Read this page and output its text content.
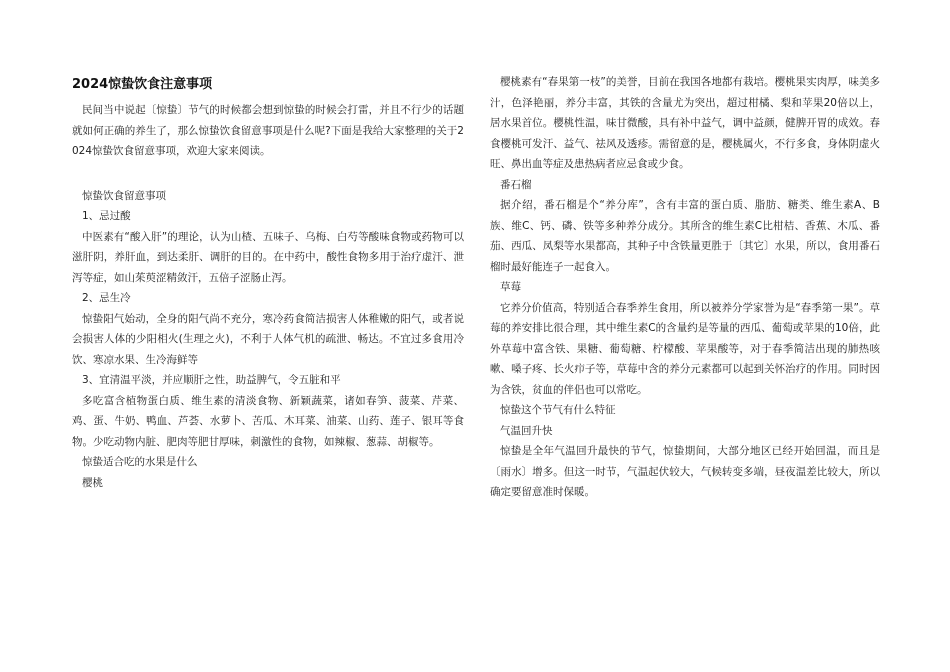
2024惊蛰饮食注意事项

民间当中说起〔惊蛰〕节气的时候都会想到惊蛰的时候会打雷，并且不行少的话题就如何正确的养生了，那么惊蛰饮食留意事项是什么呢?下面是我给大家整理的关于2024惊蛰饮食留意事项，欢迎大家来阅读。

惊蛰饮食留意事项

1、忌过酸

中医素有“酸入肝”的理论，认为山楂、五味子、乌梅、白芍等酸味食物或药物可以滋肝阴，养肝血，到达柔肝、调肝的目的。在中药中，酸性食物多用于治疗虚汗、泄泻等症，如山茱萸涩精敛汗，五倍子涩肠止泻。

2、忌生冷

惊蛰阳气始动，全身的阳气尚不充分，寒冷药食简洁损害人体稚嫩的阳气，或者说会损害人体的少阳相火(生理之火)，不利于人体气机的疏泄、畅达。不宜过多食用冷饮、寒凉水果、生冷海鲜等

3、宜清温平淡，并应顺肝之性，助益脾气，令五脏和平

多吃富含植物蛋白质、维生素的清淡食物、新颖蔬菜，诸如春笋、菠菜、芹菜、鸡、蛋、牛奶、鸭血、芦荟、水萝卜、苦瓜、木耳菜、油菜、山药、莲子、银耳等食物。少吃动物内脏、肥肉等肥甘厚味，刺激性的食物，如辣椒、葱蒜、胡椒等。

惊蛰适合吃的水果是什么

樱桃

樱桃素有“春果第一枝”的美誉，目前在我国各地都有栽培。樱桃果实肉厚，味美多汁，色泽艳丽，养分丰富，其铁的含量尤为突出，超过柑橘、梨和苹果20倍以上，居水果首位。樱桃性温，味甘微酸，具有补中益气，调中益颜，健脾开胃的成效。春食樱桃可发汗、益气、祛风及透疹。需留意的是，樱桃属火，不行多食，身体阴虚火旺、鼻出血等症及患热病者应忌食或少食。

番石榴

据介绍，番石榴是个“养分库”，含有丰富的蛋白质、脂肪、糖类、维生素A、B族、维C、钙、磷、铁等多种养分成分。其所含的维生素C比柑桔、香蕉、木瓜、番茄、西瓜、凤梨等水果都高，其种子中含铁量更胜于〔其它〕水果，所以，食用番石榴时最好能连子一起食入。

草莓

它养分价值高，特别适合春季养生食用，所以被养分学家誉为是“春季第一果”。草莓的养安排比很合理，其中维生素C的含量约是等量的西瓜、葡萄或苹果的10倍，此外草莓中富含铁、果糖、葡萄糖、柠檬酸、苹果酸等，对于春季简洁出现的肺热咳嗽、嗓子疼、长火疖子等，草莓中含的养分元素都可以起到关怀治疗的作用。同时因为含铁，贫血的伴侣也可以常吃。

惊蛰这个节气有什么特征

气温回升快

惊蛰是全年气温回升最快的节气，惊蛰期间，大部分地区已经开始回温，而且是〔雨水〕增多。但这一时节，气温起伏较大，气候转变多端，昼夜温差比较大，所以确定要留意准时保暖。
